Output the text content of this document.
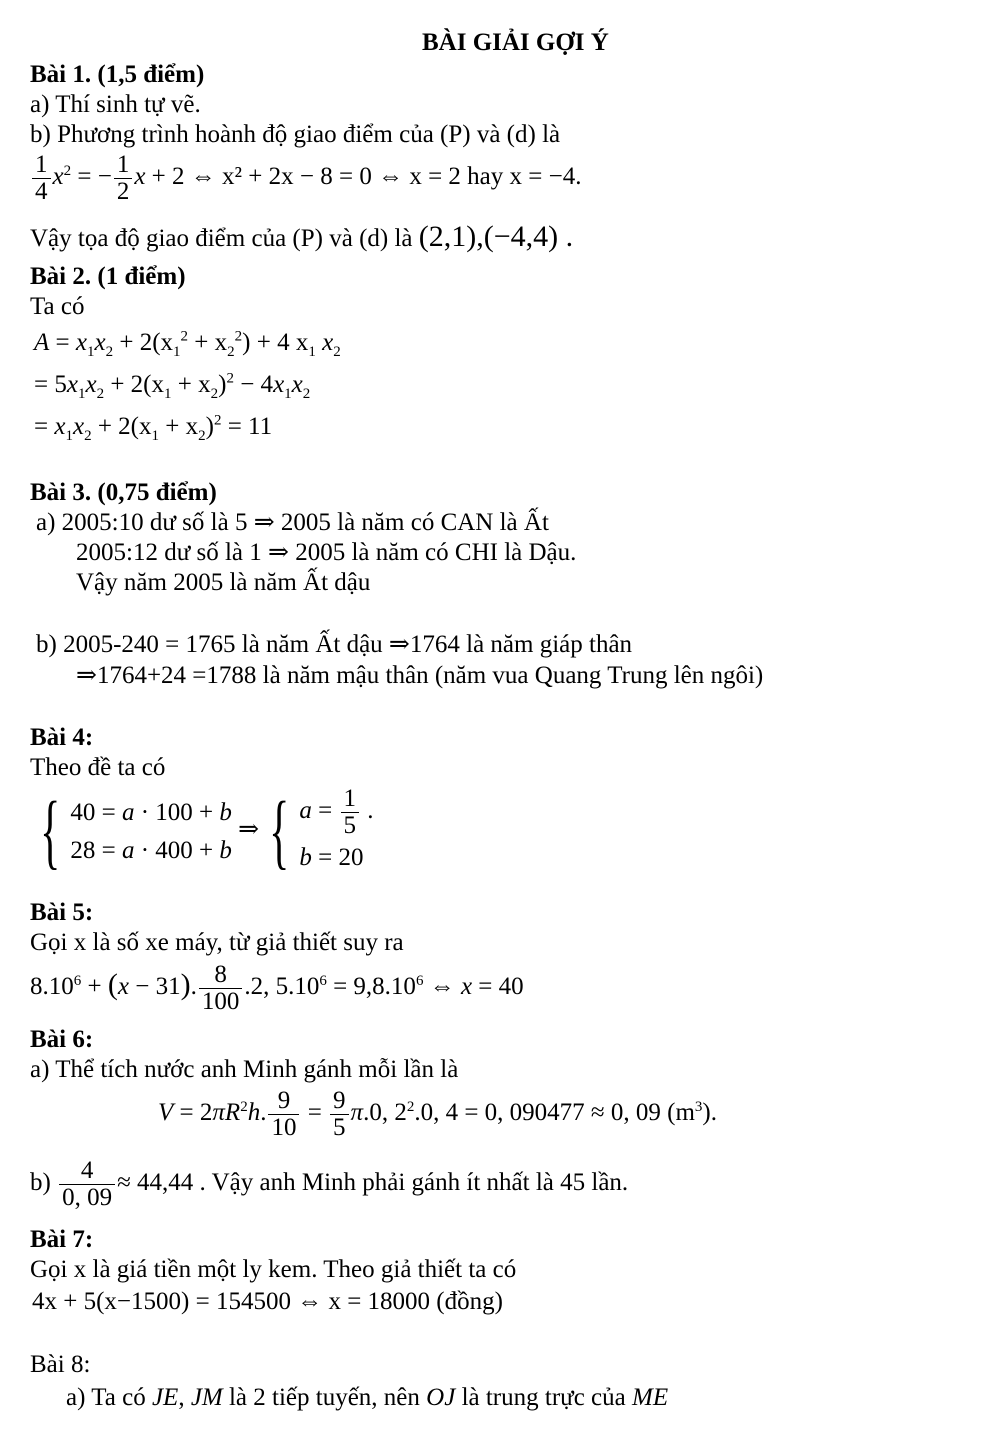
BÀI GIẢI GỢI Ý
Bài 1. (1,5 điểm)
a) Thí sinh tự vẽ.
b) Phương trình hoành độ giao điểm của (P) và (d) là
$\frac{1}{4} x^2$ = − $\frac{1}{2}$ x + 2 ⇔ x² + 2x − 8 = 0 ⇔ x = 2 hay x = −4.
Vậy tọa độ giao điểm của (P) và (d) là (2,1),(−4,4) .
Bài 2. (1 điểm)
Ta có
$A = x_1x_2 + 2(x_1^2 + x_2^2) + 4$ $x_1$ $x_2$
= $5x_1x_2 + 2(x_1 + x_2)^2 - 4x_1x_2$
= $x_1x_2 + 2(x_1 + x_2)^2 = 11$
Bài 3. (0,75 điểm)
a) 2005:10 dư số là 5 ⇒ 2005 là năm có CAN là Ất
2005:12 dư số là 1 ⇒ 2005 là năm có CHI là Dậu.
Vậy năm 2005 là năm Ất dậu
b) 2005-240 = 1765 là năm Ất dậu ⇒1764 là năm giáp thân
⇒1764+24 =1788 là năm mậu thân (năm vua Quang Trung lên ngôi)
Bài 4:
Theo đề ta có
{ 40 = a · 100 + b
28 = a · 400 + b ⇒ { $a = \frac{1}{5}$ .
b = 20
Bài 5:
Gọi x là số xe máy, từ giả thiết suy ra
$8.10^6 + (x - 31)$. $\frac{8}{100} .2$, $5.10^6 = 9,8.10^6$ ⇔ x = 40
Bài 6:
a) Thể tích nước anh Minh gánh mỗi lần là
$V = 2\pi R^2h$. $\frac{9}{10} = \frac{9}{5} \pi.0$, $2^2.0$, 4 = 0, 090477 ≈ 0, 09 $(m^3)$.
$b) \frac{4}{0, 09} \approx 44,44$ . Vậy anh Minh phải gánh ít nhất là 45 lần.
Bài 7:
Gọi x là giá tiền một ly kem. Theo giả thiết ta có
4x + 5(x−1500) = 154500 ⇔ x = 18000 (đồng)
Bài 8:
a) Ta có JE, JM là 2 tiếp tuyến, nên OJ là trung trực của ME
